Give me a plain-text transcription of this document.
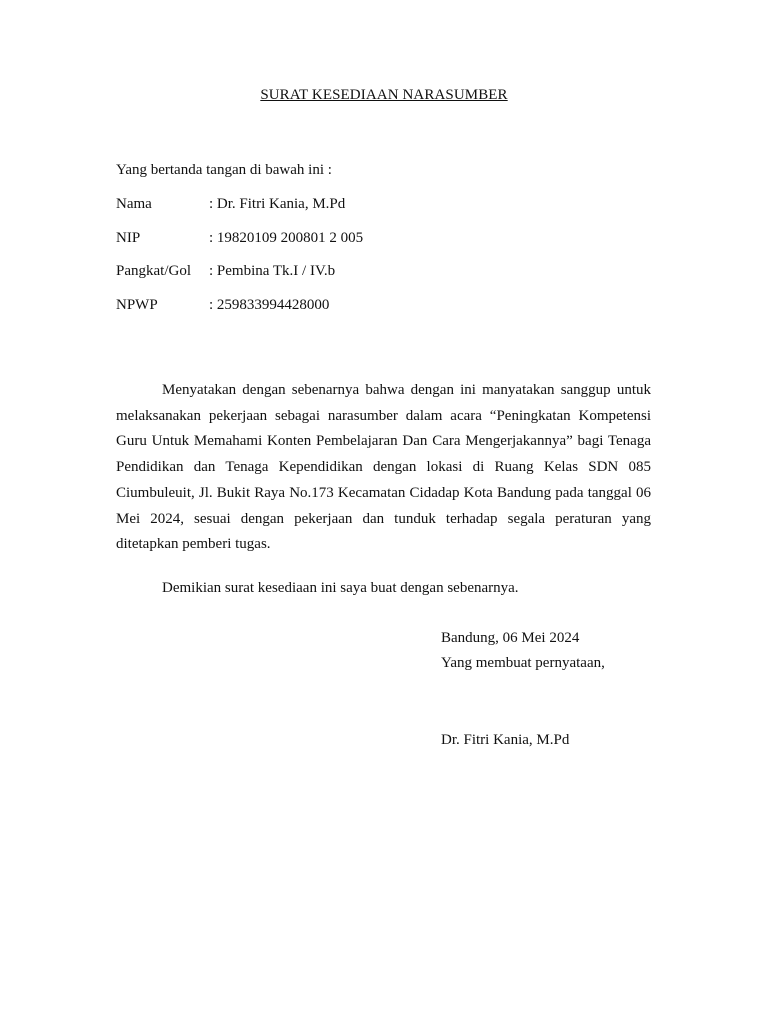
SURAT KESEDIAAN NARASUMBER
Yang bertanda tangan di bawah ini :
Nama	: Dr. Fitri Kania, M.Pd
NIP	: 19820109 200801 2 005
Pangkat/Gol	: Pembina Tk.I / IV.b
NPWP	: 259833994428000
Menyatakan dengan sebenarnya bahwa dengan ini manyatakan sanggup untuk melaksanakan pekerjaan sebagai narasumber dalam acara “Peningkatan Kompetensi Guru Untuk Memahami Konten Pembelajaran Dan Cara Mengerjakannya” bagi Tenaga Pendidikan dan Tenaga Kependidikan dengan lokasi di Ruang Kelas SDN 085 Ciumbuleuit, Jl. Bukit Raya No.173 Kecamatan Cidadap Kota Bandung pada tanggal 06 Mei 2024, sesuai dengan pekerjaan dan tunduk terhadap segala peraturan yang ditetapkan pemberi tugas.
Demikian surat kesediaan ini saya buat dengan sebenarnya.
Bandung, 06 Mei 2024
Yang membuat pernyataan,
Dr. Fitri Kania, M.Pd
